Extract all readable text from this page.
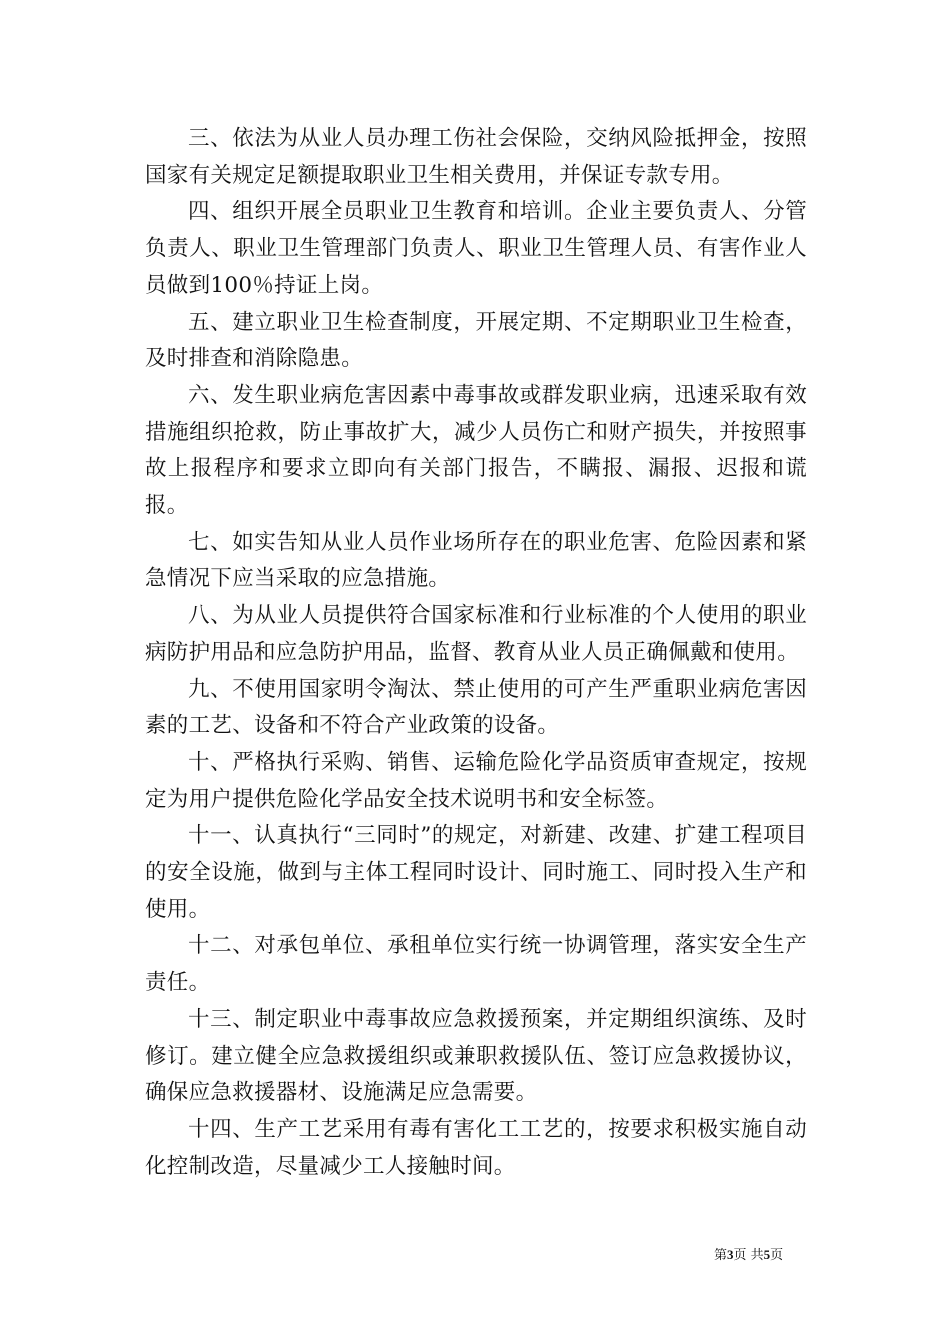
三、依法为从业人员办理工伤社会保险，交纳风险抵押金，按照国家有关规定足额提取职业卫生相关费用，并保证专款专用。

四、组织开展全员职业卫生教育和培训。企业主要负责人、分管负责人、职业卫生管理部门负责人、职业卫生管理人员、有害作业人员做到100％持证上岗。

五、建立职业卫生检查制度，开展定期、不定期职业卫生检查，及时排查和消除隐患。

六、发生职业病危害因素中毒事故或群发职业病，迅速采取有效措施组织抢救，防止事故扩大，减少人员伤亡和财产损失，并按照事故上报程序和要求立即向有关部门报告，不瞒报、漏报、迟报和谎报。

七、如实告知从业人员作业场所存在的职业危害、危险因素和紧急情况下应当采取的应急措施。

八、为从业人员提供符合国家标准和行业标准的个人使用的职业病防护用品和应急防护用品，监督、教育从业人员正确佩戴和使用。

九、不使用国家明令淘汰、禁止使用的可产生严重职业病危害因素的工艺、设备和不符合产业政策的设备。

十、严格执行采购、销售、运输危险化学品资质审查规定，按规定为用户提供危险化学品安全技术说明书和安全标签。

十一、认真执行“三同时”的规定，对新建、改建、扩建工程项目的安全设施，做到与主体工程同时设计、同时施工、同时投入生产和使用。

十二、对承包单位、承租单位实行统一协调管理，落实安全生产责任。

十三、制定职业中毒事故应急救援预案，并定期组织演练、及时修订。建立健全应急救援组织或兼职救援队伍、签订应急救援协议，确保应急救援器材、设施满足应急需要。

十四、生产工艺采用有毒有害化工工艺的，按要求积极实施自动化控制改造，尽量减少工人接触时间。

第3页 共5页
